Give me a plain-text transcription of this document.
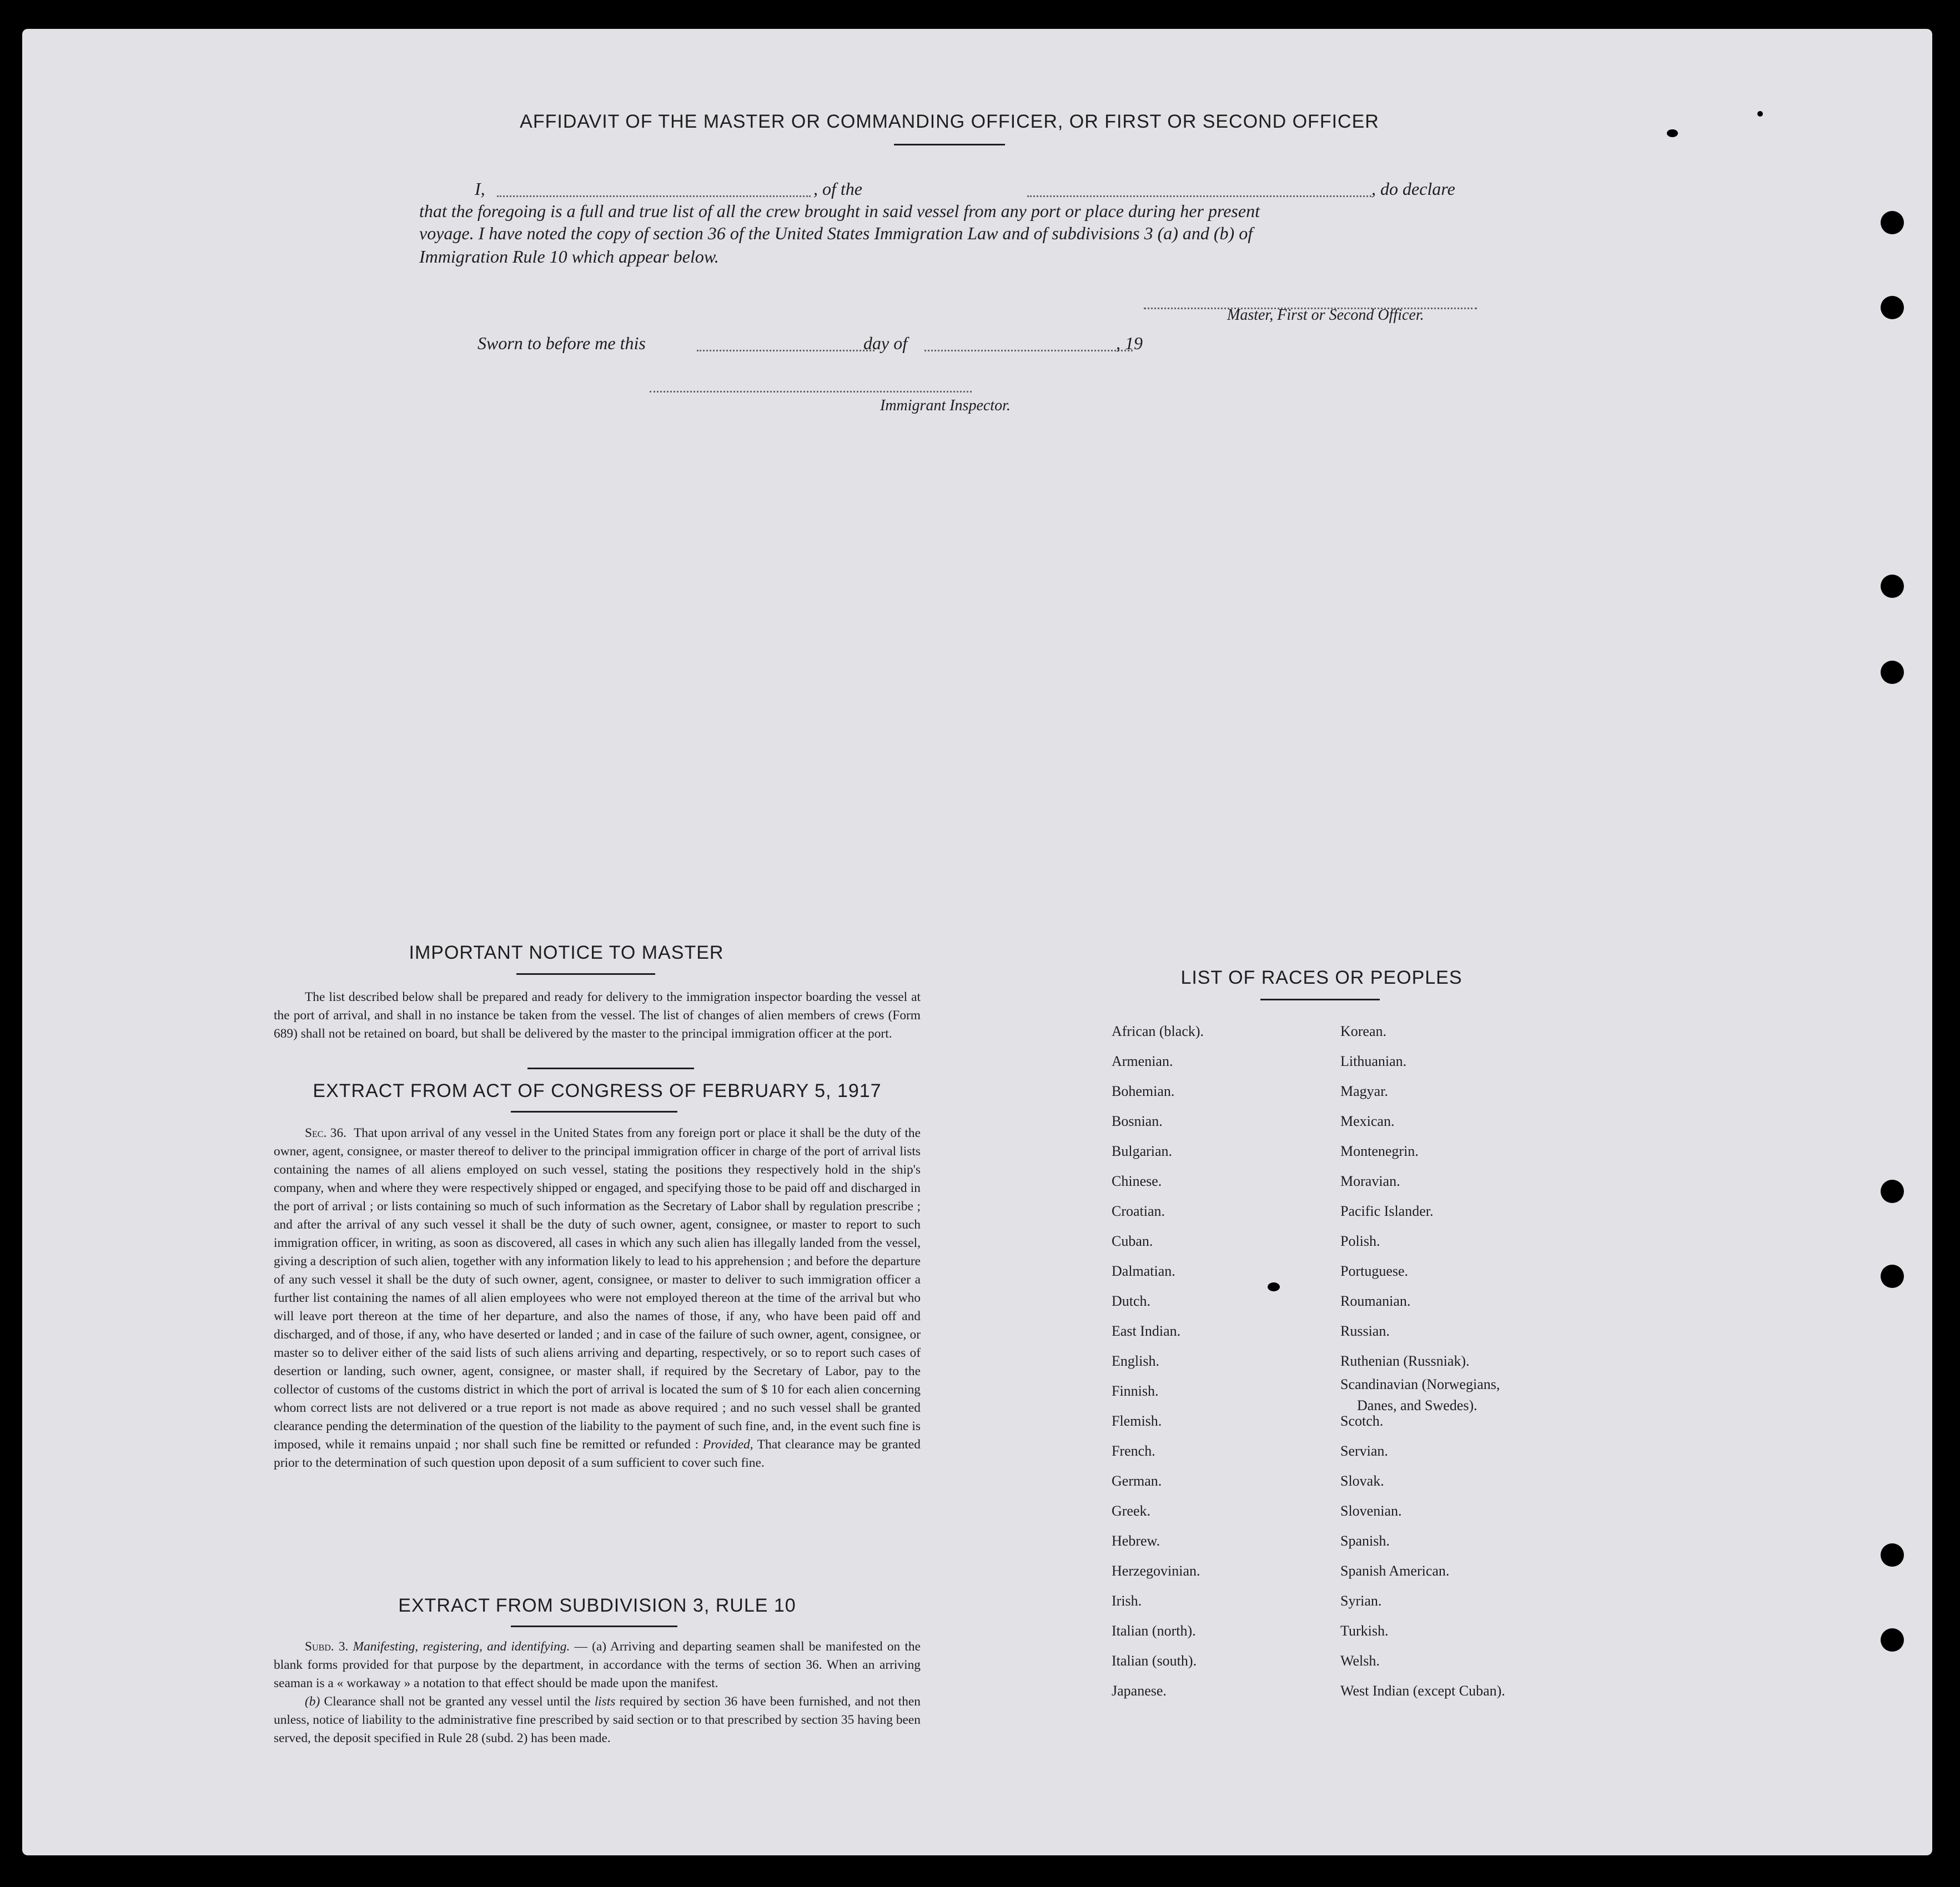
AFFIDAVIT OF THE MASTER OR COMMANDING OFFICER, OR FIRST OR SECOND OFFICER
I,	, of the	, do declare
that the foregoing is a full and true list of all the crew brought in said vessel from any port or place during her present
voyage. I have noted the copy of section 36 of the United States Immigration Law and of subdivisions 3 (a) and (b) of
Immigration Rule 10 which appear below.
Master, First or Second Officer.
Sworn to before me this	day of	, 19
Immigrant Inspector.
IMPORTANT NOTICE TO MASTER

The list described below shall be prepared and ready for delivery to the immigration inspector boarding the vessel at the port of arrival, and shall in no instance be taken from the vessel. The list of changes of alien members of crews (Form 689) shall not be retained on board, but shall be delivered by the master to the principal immigration officer at the port.

EXTRACT FROM ACT OF CONGRESS OF FEBRUARY 5, 1917

Sec. 36. That upon arrival of any vessel in the United States from any foreign port or place it shall be the duty of the owner, agent, consignee, or master thereof to deliver to the principal immigration officer in charge of the port of arrival lists containing the names of all aliens employed on such vessel, stating the positions they respectively hold in the ship's company, when and where they were respectively shipped or engaged, and specifying those to be paid off and discharged in the port of arrival ; or lists containing so much of such information as the Secretary of Labor shall by regulation prescribe ; and after the arrival of any such vessel it shall be the duty of such owner, agent, consignee, or master to report to such immigration officer, in writing, as soon as discovered, all cases in which any such alien has illegally landed from the vessel, giving a description of such alien, together with any information likely to lead to his apprehension ; and before the departure of any such vessel it shall be the duty of such owner, agent, consignee, or master to deliver to such immigration officer a further list containing the names of all alien employees who were not employed thereon at the time of the arrival but who will leave port thereon at the time of her departure, and also the names of those, if any, who have been paid off and discharged, and of those, if any, who have deserted or landed ; and in case of the failure of such owner, agent, consignee, or master so to deliver either of the said lists of such aliens arriving and departing, respectively, or so to report such cases of desertion or landing, such owner, agent, consignee, or master shall, if required by the Secretary of Labor, pay to the collector of customs of the customs district in which the port of arrival is located the sum of $ 10 for each alien concerning whom correct lists are not delivered or a true report is not made as above required ; and no such vessel shall be granted clearance pending the determination of the question of the liability to the payment of such fine, and, in the event such fine is imposed, while it remains unpaid ; nor shall such fine be remitted or refunded : Provided, That clearance may be granted prior to the determination of such question upon deposit of a sum sufficient to cover such fine.

EXTRACT FROM SUBDIVISION 3, RULE 10

Subd. 3. Manifesting, registering, and identifying. — (a) Arriving and departing seamen shall be manifested on the blank forms provided for that purpose by the department, in accordance with the terms of section 36. When an arriving seaman is a « workaway » a notation to that effect should be made upon the manifest.

(b) Clearance shall not be granted any vessel until the lists required by section 36 have been furnished, and not then unless, notice of liability to the administrative fine prescribed by said section or to that prescribed by section 35 having been served, the deposit specified in Rule 28 (subd. 2) has been made.

LIST OF RACES OR PEOPLES
African (black).
Armenian.
Bohemian.
Bosnian.
Bulgarian.
Chinese.
Croatian.
Cuban.
Dalmatian.
Dutch.
East Indian.
English.
Finnish.
Flemish.
French.
German.
Greek.
Hebrew.
Herzegovinian.
Irish.
Italian (north).
Italian (south).
Japanese.
Korean.
Lithuanian.
Magyar.
Mexican.
Montenegrin.
Moravian.
Pacific Islander.
Polish.
Portuguese.
Roumanian.
Russian.
Ruthenian (Russniak).
Scandinavian (Norwegians,
Danes, and Swedes).
Scotch.
Servian.
Slovak.
Slovenian.
Spanish.
Spanish American.
Syrian.
Turkish.
Welsh.
West Indian (except Cuban).
